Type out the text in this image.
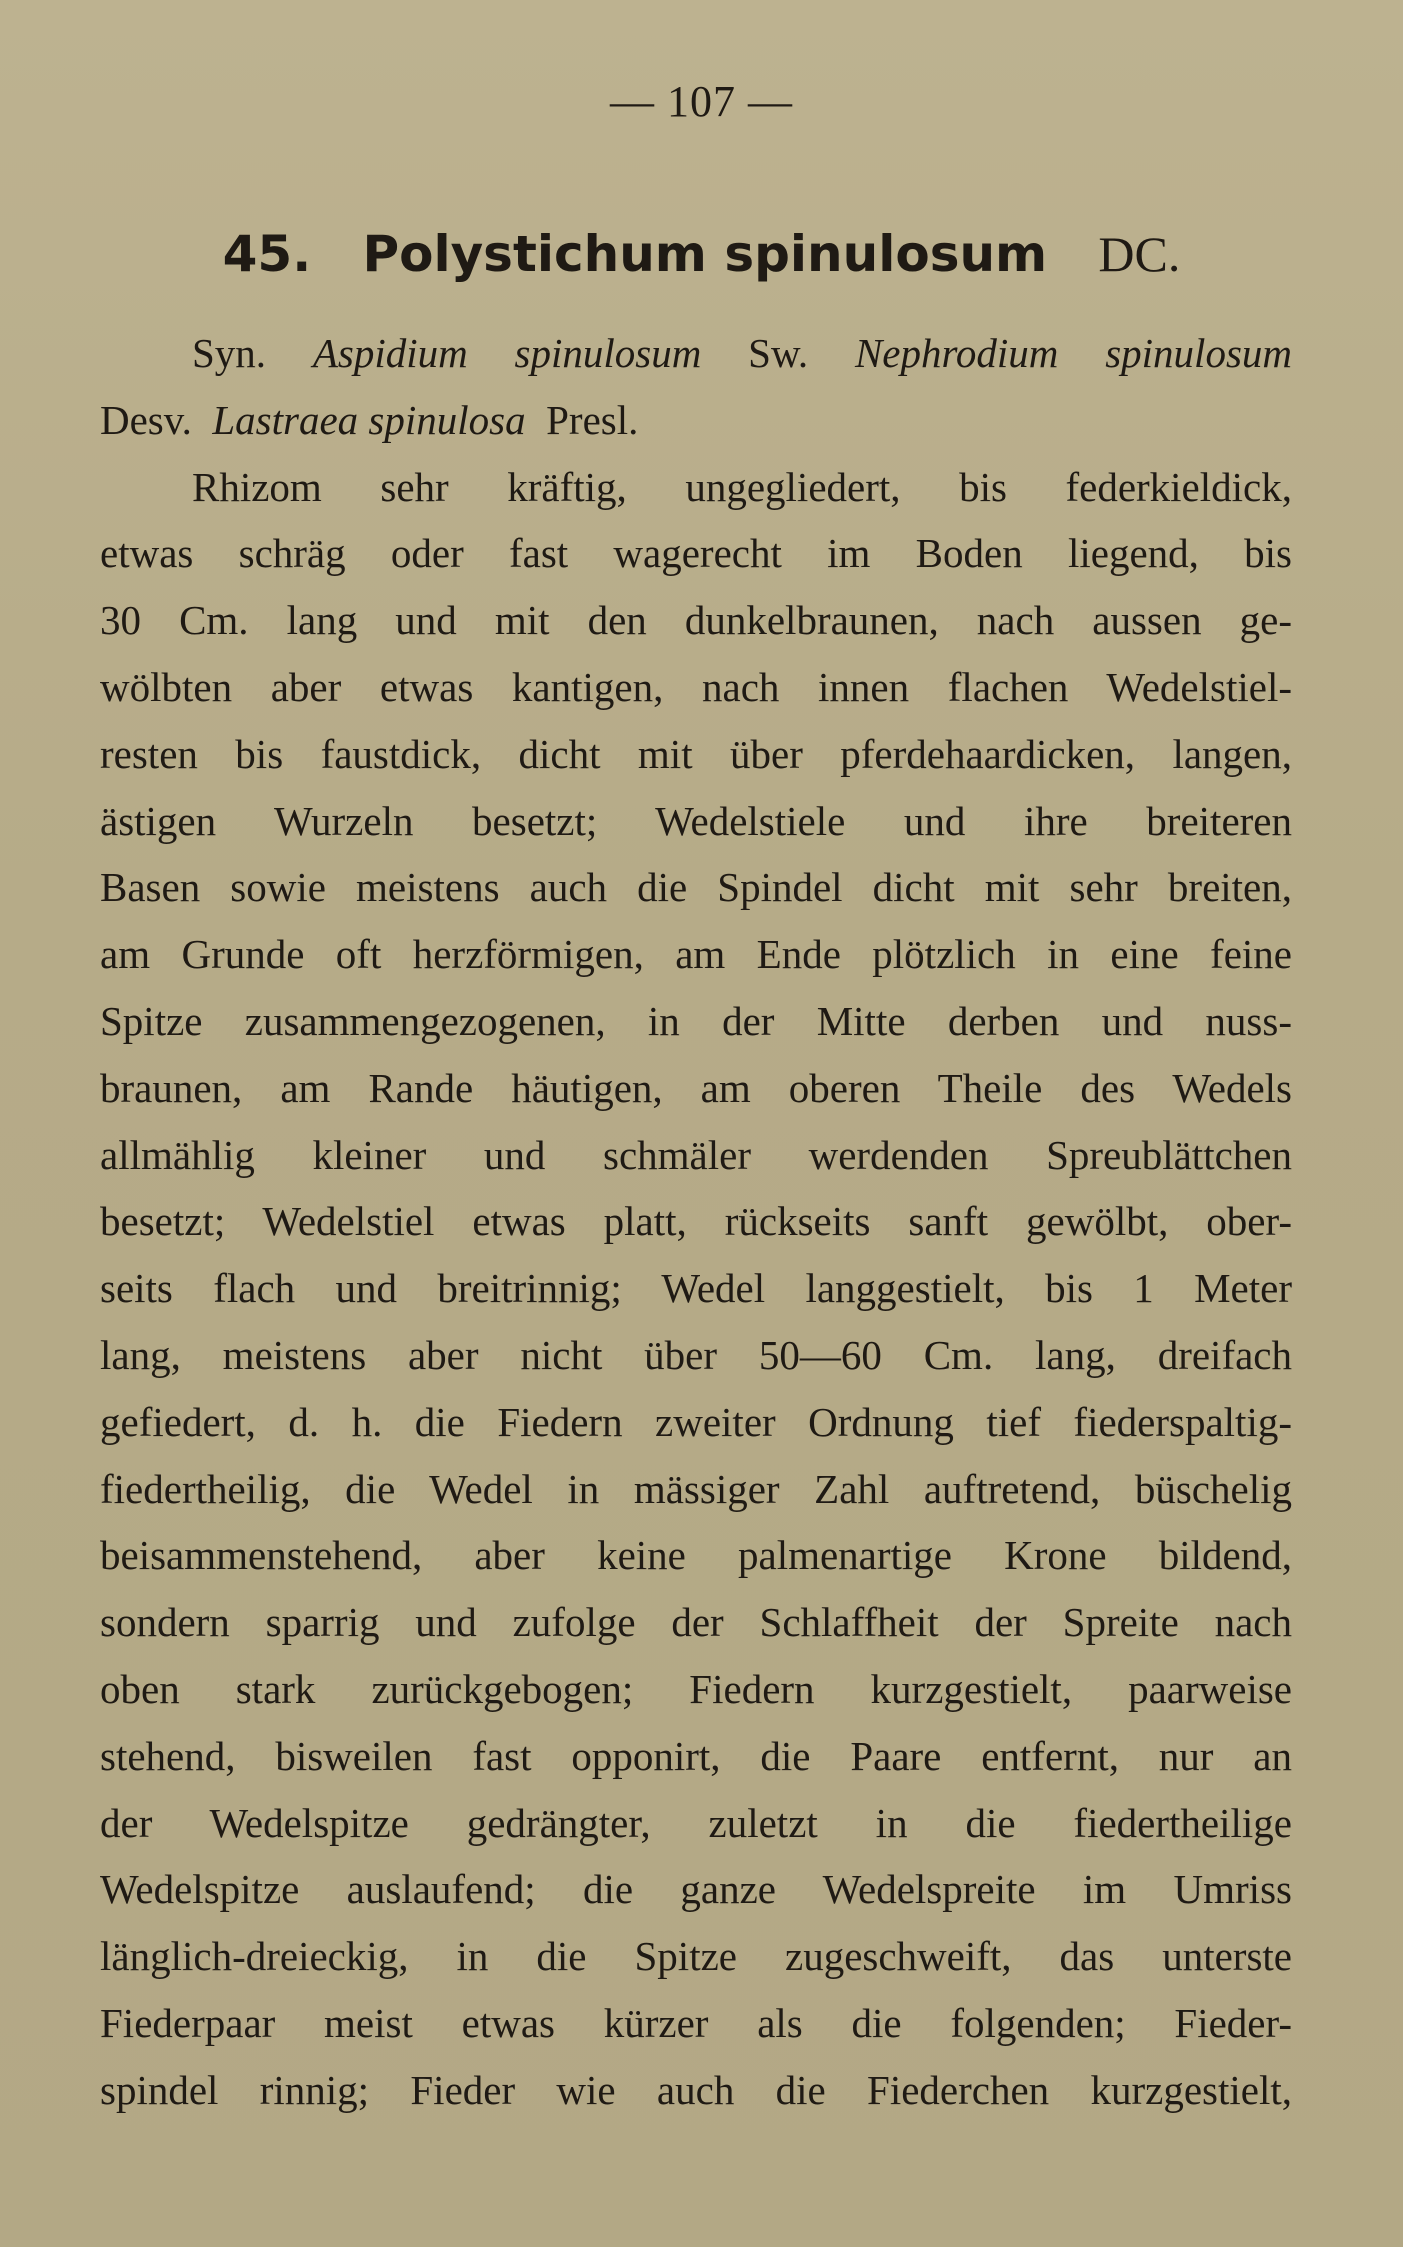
— 107 —
45. Polystichum spinulosum DC.
Syn. Aspidium spinulosum Sw. Nephrodium spinulosum
Desv. Lastraea spinulosa Presl.
Rhizom sehr kräftig, ungegliedert, bis federkieldick,
etwas schräg oder fast wagerecht im Boden liegend, bis
30 Cm. lang und mit den dunkelbraunen, nach aussen ge-
wölbten aber etwas kantigen, nach innen flachen Wedelstiel-
resten bis faustdick, dicht mit über pferdehaardicken, langen,
ästigen Wurzeln besetzt; Wedelstiele und ihre breiteren
Basen sowie meistens auch die Spindel dicht mit sehr breiten,
am Grunde oft herzförmigen, am Ende plötzlich in eine feine
Spitze zusammengezogenen, in der Mitte derben und nuss-
braunen, am Rande häutigen, am oberen Theile des Wedels
allmählig kleiner und schmäler werdenden Spreublättchen
besetzt; Wedelstiel etwas platt, rückseits sanft gewölbt, ober-
seits flach und breitrinnig; Wedel langgestielt, bis 1 Meter
lang, meistens aber nicht über 50—60 Cm. lang, dreifach
gefiedert, d. h. die Fiedern zweiter Ordnung tief fiederspaltig-
fiedertheilig, die Wedel in mässiger Zahl auftretend, büschelig
beisammenstehend, aber keine palmenartige Krone bildend,
sondern sparrig und zufolge der Schlaffheit der Spreite nach
oben stark zurückgebogen; Fiedern kurzgestielt, paarweise
stehend, bisweilen fast opponirt, die Paare entfernt, nur an
der Wedelspitze gedrängter, zuletzt in die fiedertheilige
Wedelspitze auslaufend; die ganze Wedelspreite im Umriss
länglich-dreieckig, in die Spitze zugeschweift, das unterste
Fiederpaar meist etwas kürzer als die folgenden; Fieder-
spindel rinnig; Fieder wie auch die Fiederchen kurzgestielt,
